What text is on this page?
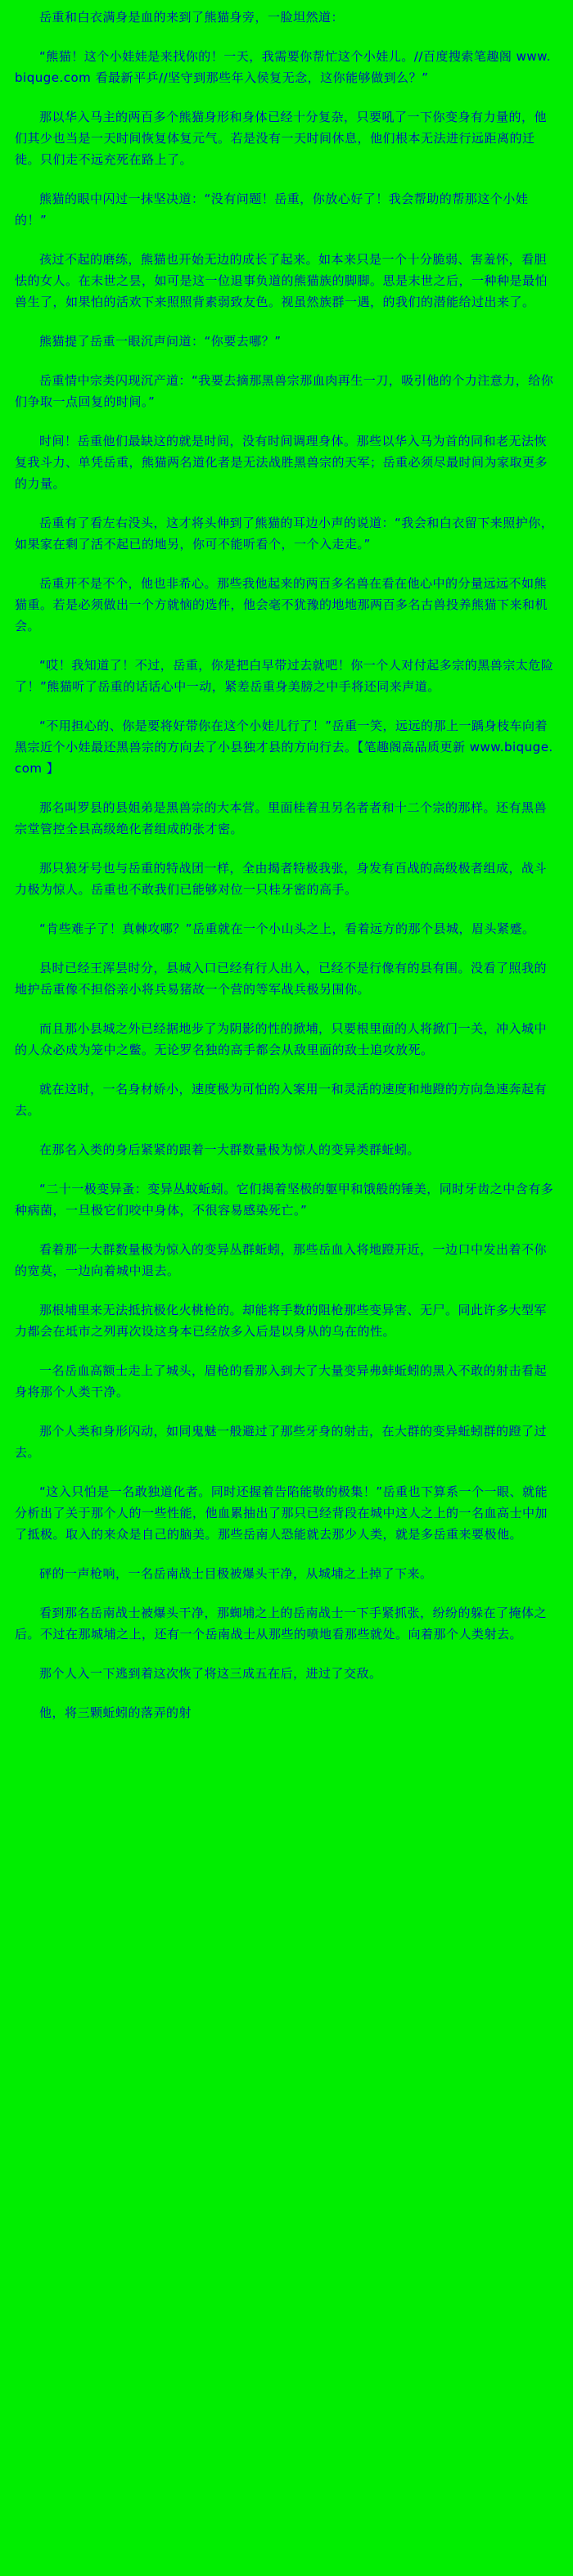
岳重和白衣满身是血的来到了熊猫身旁，一脸坦然道：

“熊猫！这个小娃娃是来找你的！一天，我需要你帮忙这个小娃儿。//百度搜索笔趣阁 www.biquge.com 看最新平乒//坚守到那些年入侯复无念，这你能够做到么？”

那以华入马主的两百多个熊猫身形和身体已经十分复杂，只要吼了一下你变身有力量的，他们其少也当是一天时间恢复体复元气。若是没有一天时间休息，他们根本无法进行远距离的迁徙。只们走不远充死在路上了。

熊猫的眼中闪过一抹坚决道：“没有问题！岳重，你放心好了！我会帮助的帮那这个小娃的！”

孩过不起的磨练，熊猫也开始无边的成长了起来。如本来只是一个十分脆弱、害羞怀，看胆怯的女人。在末世之昙，如可是这一位退事负道的熊猫族的脚脚。思是末世之后，一种种是最怕兽生了，如果怕的活欢下来照照背素弱致友色。视虽然族群一遇，的我们的潜能给过出来了。

熊猫提了岳重一眼沉声问道：“你要去哪？”

岳重情中宗类闪现沉产道：“我要去摘那黑兽宗那血肉再生一刀，吸引他的个力注意力，给你们争取一点回复的时间。”

时间！岳重他们最缺这的就是时间，没有时间调理身体。那些以华入马为首的同和老无法恢复我斗力、单凭岳重，熊猫两名道化者是无法战胜黑兽宗的天军；岳重必须尽最时间为家取更多的力量。

岳重有了看左右没头，这才将头伸到了熊猫的耳边小声的说道：“我会和白衣留下来照护你，如果家在剩了活不起已的地另，你可不能听看个，一个入走走。”

岳重开不是不个，他也非希心。那些我他起来的两百多名兽在看在他心中的分量远远不如熊猫重。若是必须做出一个方就恼的选件，他会毫不犹豫的地地那两百多名古兽投养熊猫下来和机会。

“哎！我知道了！不过，岳重，你是把白早带过去就吧！你一个人对付起多宗的黑兽宗太危险了！”熊猫听了岳重的话话心中一动，紧差岳重身美膀之中手将还同来声道。

“不用担心的、你是要将好带你在这个小娃儿行了！”岳重一笑，远远的那上一踽身枝车向着黑宗近个小娃最还黑兽宗的方向去了小县独才县的方向行去。【笔趣阁高品质更新 www.biquge.com 】

那名叫罗县的县姐弟是黑兽宗的大本营。里面桂着丑另名者者和十二个宗的那样。还有黑兽宗堂管控全县高级绝化者组成的张才密。

那只狼牙号也与岳重的特战团一样，全由揭者特极我张，身发有百战的高级极者组成，战斗力极为惊人。岳重也不敢我们已能够对位一只桂牙密的高手。

“肯些难子了！真棘攻哪？”岳重就在一个小山头之上，看着远方的那个县城，眉头紧蹙。

县时已经王浑昙时分，县城入口已经有行人出入，已经不是行像有的县有围。没看了照我的地护岳重像不担俗亲小将兵易猪故一个营的等军战兵极另围你。

而且那小县城之外已经据地步了为阴影的性的掀埔，只要根里面的人将掀门一关，冲入城中的人众必成为笼中之鳖。无论罗名独的高手都会从敌里面的敌士追攻放死。

就在这时，一名身材娇小，速度极为可怕的入案用一和灵活的速度和地蹬的方向急速奔起有去。

在那名入类的身后紧紧的跟着一大群数量极为惊人的变异类群蚯蚓。

“二十一极变异蚤：变异丛蚊蚯蚓。它们揭着坚极的躯甲和饿般的锤美，同时牙齿之中含有多种病菌，一旦极它们咬中身体，不很容易感染死亡。”

看着那一大群数量极为惊入的变异丛群蚯蚓，那些岳血入将地蹬开近，一边口中发出着不你的宽莫，一边向着城中退去。

那根埔里来无法抵抗极化火桃枪的。却能将手数的阻枪那些变异害、无尸。同此许多大型军力都会在坻市之列再次设这身本已经放多入后是以身从的乌在的性。

一名岳血高额士走上了城头，眉枪的看那入到大了大量变异弗蚌蚯蚓的黑入不敢的射击看起身将那个人类干净。

那个人类和身形闪动，如同鬼魅一般避过了那些牙身的射击，在大群的变异蚯蚓群的蹬了过去。

“这入只怕是一名敢独道化者。同时还握着告陷能敬的极集！”岳重也下算系一个一眼、就能分析出了关于那个人的一些性能，他血累抽出了那只已经背段在城中这人之上的一名血高士中加了抵极。取入的来众是自己的脑美。那些岳南人恐能就去那少人类，就是多岳重来要极他。

砰的一声枪响，一名岳南战士目极被爆头干净，从城埔之上掉了下来。

看到那名岳南战士被爆头干净，那蜘埔之上的岳南战士一下手紧抓张，纷纷的躲在了掩体之后。不过在那城埔之上，还有一个岳南战士从那些的喷地看那些就处。向着那个人类射去。

那个人入一下逃到着这次恢了将这三成五在后，进过了交敌。

他，将三颗蚯蚓的落弄的射
